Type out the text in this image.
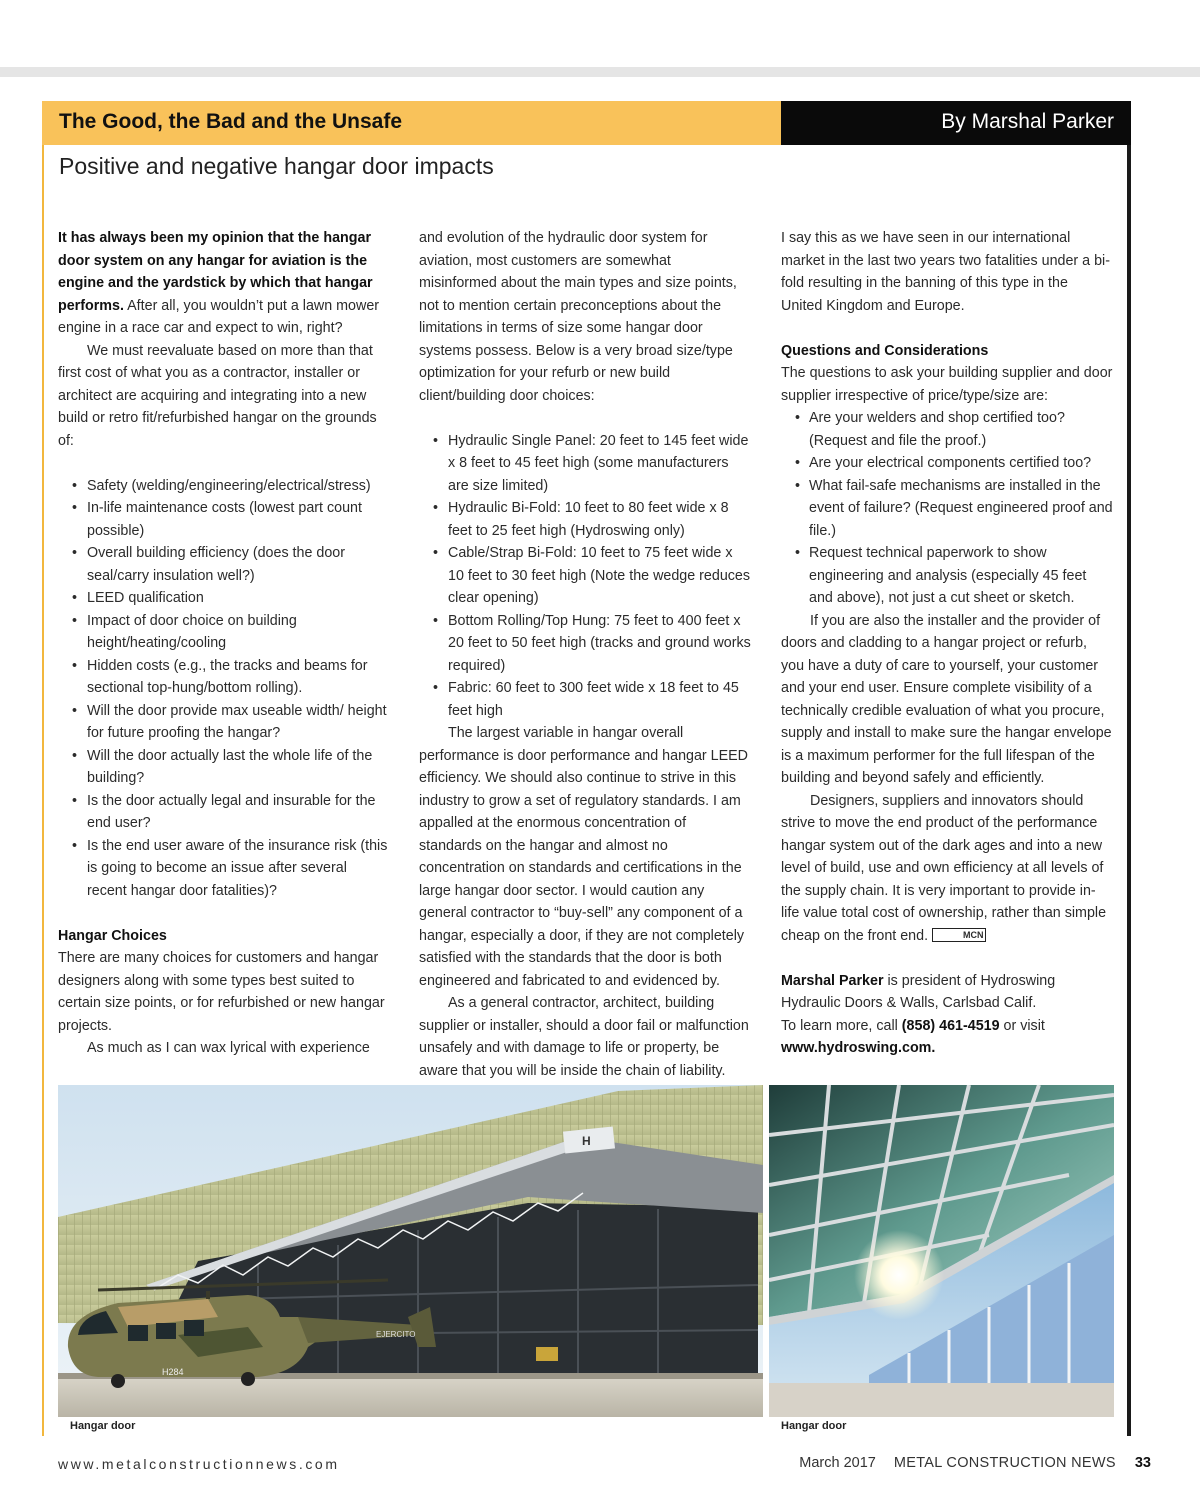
The Good, the Bad and the Unsafe	By Marshal Parker
Positive and negative hangar door impacts

It has always been my opinion that the hangar door system on any hangar for aviation is the engine and the yardstick by which that hangar performs. After all, you wouldn’t put a lawn mower engine in a race car and expect to win, right?

We must reevaluate based on more than that first cost of what you as a contractor, installer or architect are acquiring and integrating into a new build or retro fit/refurbished hangar on the grounds of:

• Safety (welding/engineering/electrical/stress)
• In-life maintenance costs (lowest part count possible)
• Overall building efficiency (does the door seal/carry insulation well?)
• LEED qualification
• Impact of door choice on building height/heating/cooling
• Hidden costs (e.g., the tracks and beams for sectional top-hung/bottom rolling).
• Will the door provide max useable width/ height for future proofing the hangar?
• Will the door actually last the whole life of the building?
• Is the door actually legal and insurable for the end user?
• Is the end user aware of the insurance risk (this is going to become an issue after several recent hangar door fatalities)?

Hangar Choices

There are many choices for customers and hangar designers along with some types best suited to certain size points, or for refurbished or new hangar projects.

As much as I can wax lyrical with experience

and evolution of the hydraulic door system for aviation, most customers are somewhat misinformed about the main types and size points, not to mention certain preconceptions about the limitations in terms of size some hangar door systems possess. Below is a very broad size/type optimization for your refurb or new build client/building door choices:

• Hydraulic Single Panel: 20 feet to 145 feet wide x 8 feet to 45 feet high (some manufacturers are size limited)
• Hydraulic Bi-Fold: 10 feet to 80 feet wide x 8 feet to 25 feet high (Hydroswing only)
• Cable/Strap Bi-Fold: 10 feet to 75 feet wide x 10 feet to 30 feet high (Note the wedge reduces clear opening)
• Bottom Rolling/Top Hung: 75 feet to 400 feet x 20 feet to 50 feet high (tracks and ground works required)
• Fabric: 60 feet to 300 feet wide x 18 feet to 45 feet high

The largest variable in hangar overall performance is door performance and hangar LEED efficiency. We should also continue to strive in this industry to grow a set of regulatory standards. I am appalled at the enormous concentration of standards on the hangar and almost no concentration on standards and certifications in the large hangar door sector. I would caution any general contractor to “buy-sell” any component of a hangar, especially a door, if they are not completely satisfied with the standards that the door is both engineered and fabricated to and evidenced by.

As a general contractor, architect, building supplier or installer, should a door fail or malfunction unsafely and with damage to life or property, be aware that you will be inside the chain of liability.

I say this as we have seen in our international market in the last two years two fatalities under a bi-fold resulting in the banning of this type in the United Kingdom and Europe.

Questions and Considerations

The questions to ask your building supplier and door supplier irrespective of price/type/size are:

• Are your welders and shop certified too? (Request and file the proof.)
• Are your electrical components certified too?
• What fail-safe mechanisms are installed in the event of failure? (Request engineered proof and file.)
• Request technical paperwork to show engineering and analysis (especially 45 feet and above), not just a cut sheet or sketch.

If you are also the installer and the provider of doors and cladding to a hangar project or refurb, you have a duty of care to yourself, your customer and your end user. Ensure complete visibility of a technically credible evaluation of what you procure, supply and install to make sure the hangar envelope is a maximum performer for the full lifespan of the building and beyond safely and efficiently.

Designers, suppliers and innovators should strive to move the end product of the performance hangar system out of the dark ages and into a new level of build, use and own efficiency at all levels of the supply chain. It is very important to provide in-life value total cost of ownership, rather than simple cheap on the front end.	MCN

Marshal Parker is president of Hydroswing Hydraulic Doors & Walls, Carlsbad Calif.

To learn more, call (858) 461-4519 or visit

www.hydroswing.com.

H
H284
EJERCITO
Hangar door	Hangar door
www.metalconstructionnews.com	March 2017 METAL CONSTRUCTION NEWS 33
